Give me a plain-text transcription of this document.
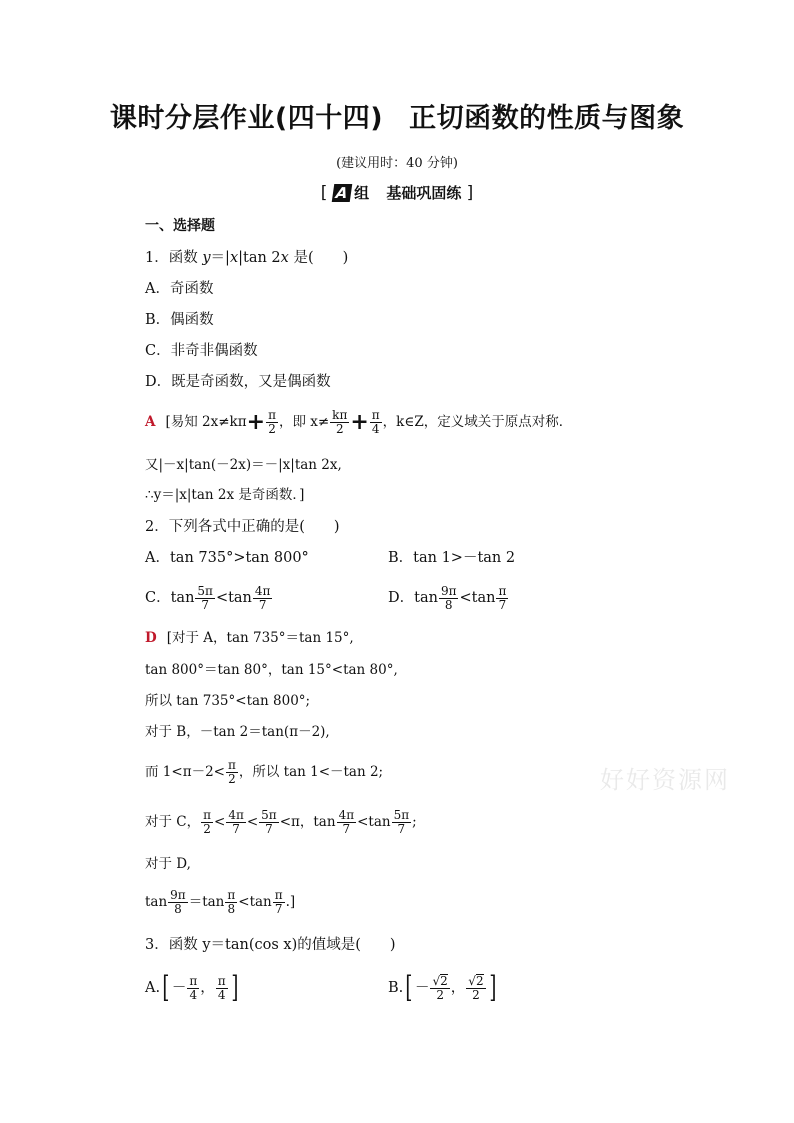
课时分层作业(四十四) 正切函数的性质与图象
(建议用时：40 分钟)
[ A 组 基础巩固练 ]
一、选择题
1．函数 y＝|x|tan 2x 是(　　)
A．奇函数
B．偶函数
C．非奇非偶函数
D．既是奇函数，又是偶函数
A [易知 $2x\ne k\pi + \frac{\pi}{2}$ ，即 $x\ne \frac{k\pi}{2} + \frac{\pi}{4}$ ，k∈Z，定义域关于原点对称．
又|－x|tan(－2x)＝－|x|tan 2x,
∴y＝|x|tan 2x 是奇函数．]
2．下列各式中正确的是(　　)
A．tan 735°>tan 800°	B．tan 1>－tan 2
C．$\tan \frac{5\pi}{7} <\tan \frac{4\pi}{7}$	D．$\tan \frac{9\pi}{8} <\tan \frac{\pi}{7}$
D [对于 A，tan 735°＝tan 15°,
tan 800°＝tan 80°，tan 15°<tan 80°,
所以 tan 735°<tan 800°;
对于 B，－tan 2＝tan(π－2),
而 $1<\pi-2< \frac{\pi}{2}$ ，所以 tan 1<－tan 2;
对于 C， $\frac{\pi}{2} < \frac{4\pi}{7} < \frac{5\pi}{7} <\pi$，$\tan \frac{4\pi}{7} <\tan \frac{5\pi}{7}$ ;
对于 D,
$\tan \frac{9\pi}{8} =\tan \frac{\pi}{8} <\tan \frac{\pi}{7}$ .]
3．函数 y＝tan(cos x)的值域是(　　)
A. [ － $\frac{\pi}{4}$ ， $\frac{\pi}{4}$ ]	B. [ － $\frac{√2}{2}$ ， $\frac{√2}{2}$ ]
好好资源网
